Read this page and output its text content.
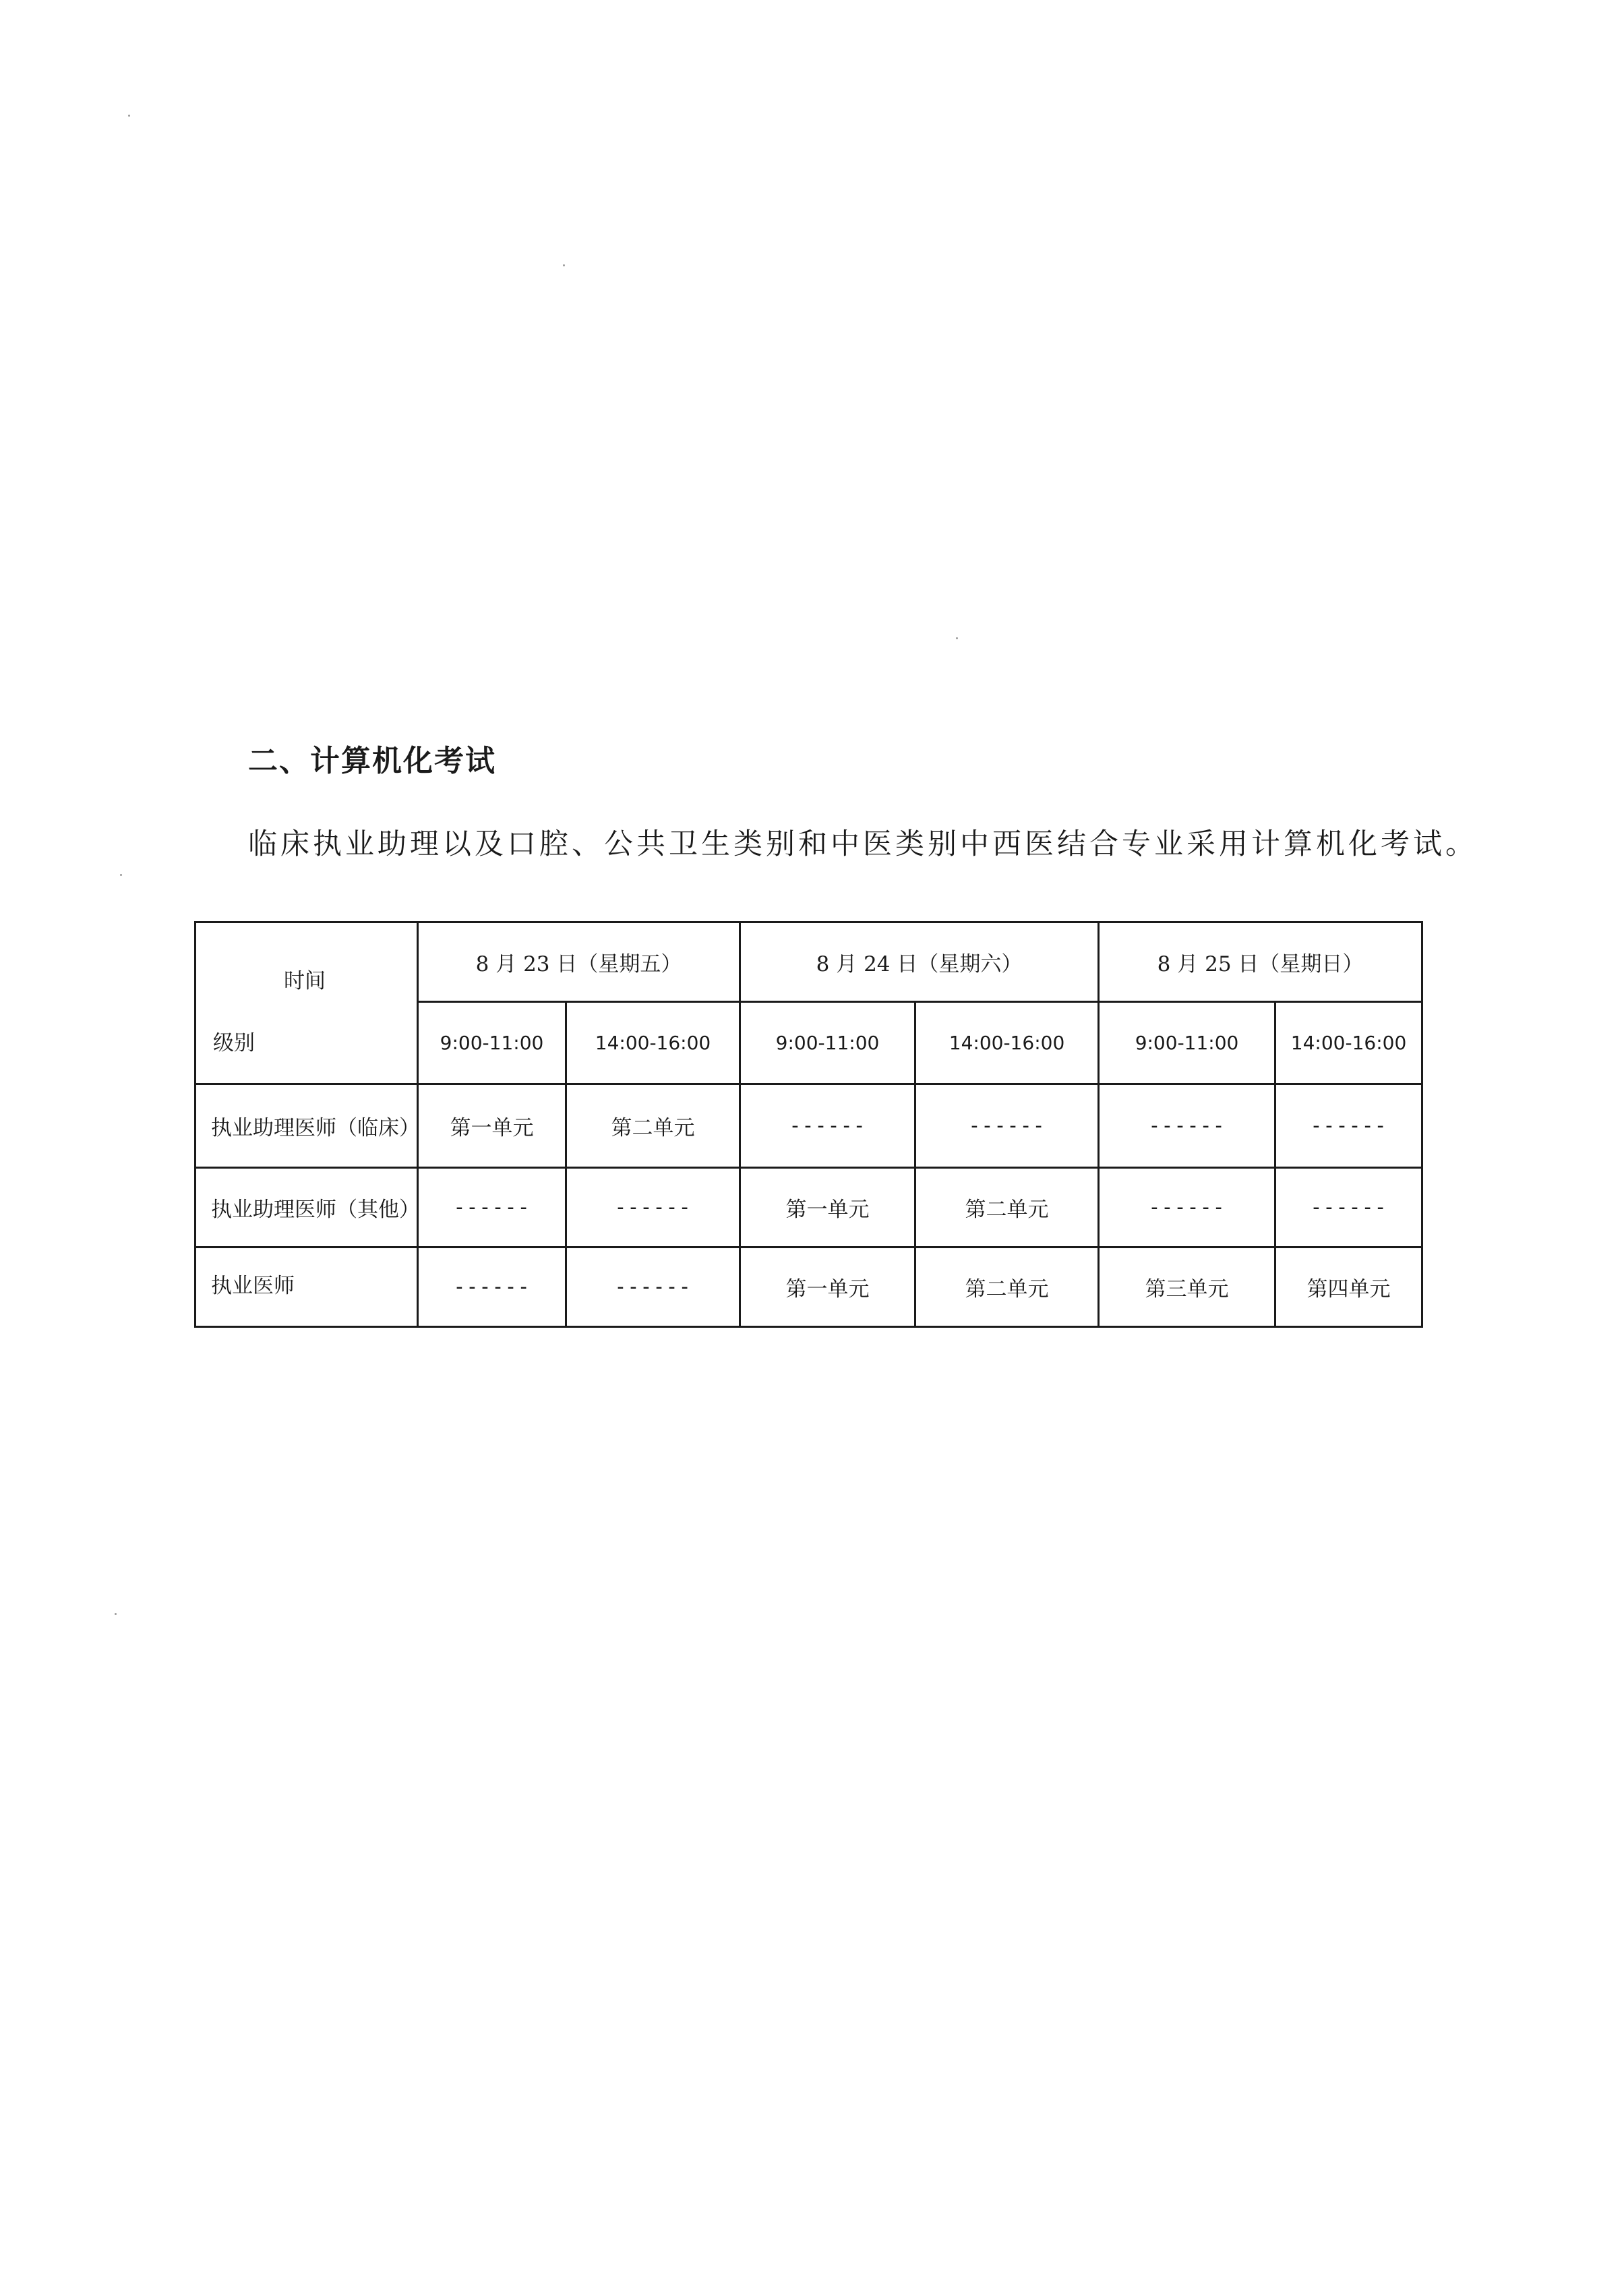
二、计算机化考试
临床执业助理以及口腔、公共卫生类别和中医类别中西医结合专业采用计算机化考试。
时间
级别	8 月 23 日（星期五）		8 月 24 日（星期六）		8 月 25 日（星期日）	
	9:00-11:00	14:00-16:00	9:00-11:00	14:00-16:00	9:00-11:00	14:00-16:00
执业助理医师（临床）	第一单元	第二单元	------	------	------	------
执业助理医师（其他）	------	------	第一单元	第二单元	------	------
执业医师	------	------	第一单元	第二单元	第三单元	第四单元
